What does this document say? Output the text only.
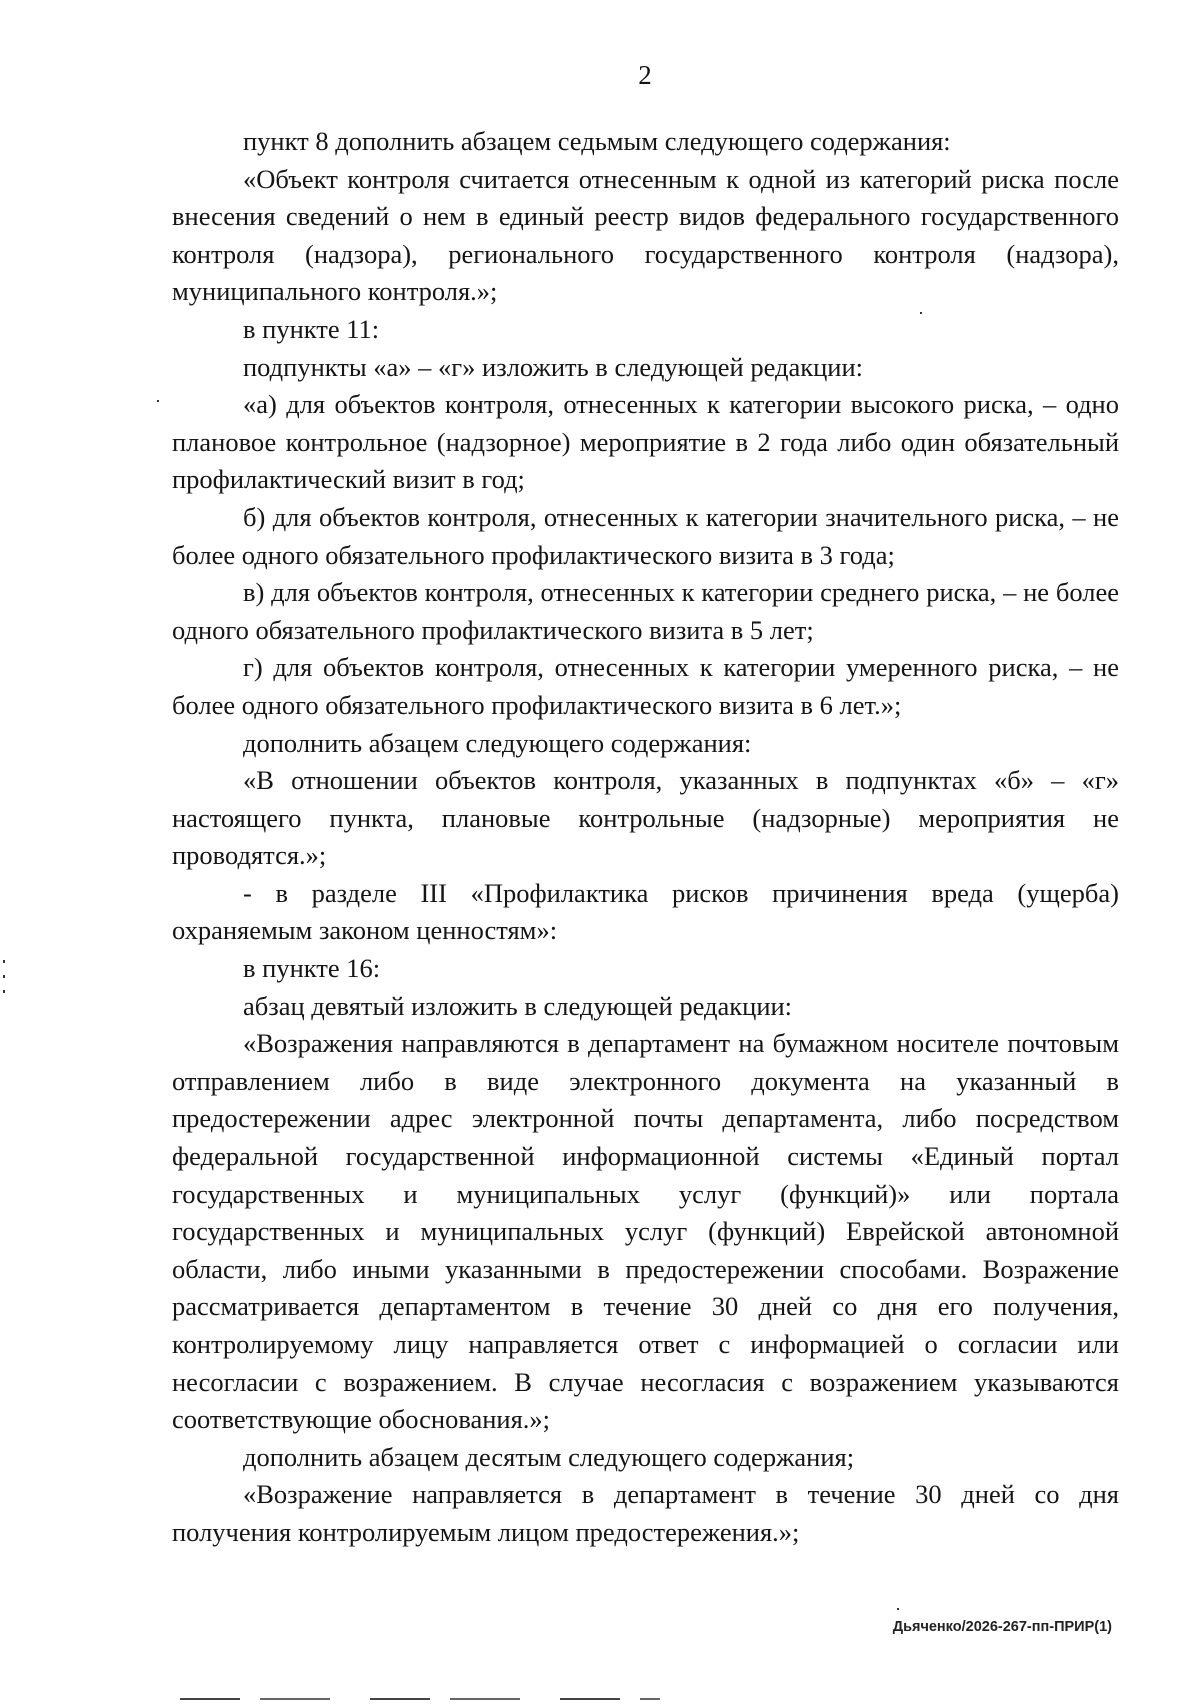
2

пункт 8 дополнить абзацем седьмым следующего содержания:

«Объект контроля считается отнесенным к одной из категорий риска после внесения сведений о нем в единый реестр видов федерального государственного контроля (надзора), регионального государственного контроля (надзора), муниципального контроля.»;

в пункте 11:

подпункты «а» – «г» изложить в следующей редакции:

«а) для объектов контроля, отнесенных к категории высокого риска, – одно плановое контрольное (надзорное) мероприятие в 2 года либо один обязательный профилактический визит в год;

б) для объектов контроля, отнесенных к категории значительного риска, – не более одного обязательного профилактического визита в 3 года;

в) для объектов контроля, отнесенных к категории среднего риска, – не более одного обязательного профилактического визита в 5 лет;

г) для объектов контроля, отнесенных к категории умеренного риска, – не более одного обязательного профилактического визита в 6 лет.»;

дополнить абзацем следующего содержания:

«В отношении объектов контроля, указанных в подпунктах «б» – «г» настоящего пункта, плановые контрольные (надзорные) мероприятия не проводятся.»;

- в разделе III «Профилактика рисков причинения вреда (ущерба) охраняемым законом ценностям»:

в пункте 16:

абзац девятый изложить в следующей редакции:

«Возражения направляются в департамент на бумажном носителе почтовым отправлением либо в виде электронного документа на указанный в предостережении адрес электронной почты департамента, либо посредством федеральной государственной информационной системы «Единый портал государственных и муниципальных услуг (функций)» или портала государственных и муниципальных услуг (функций) Еврейской автономной области, либо иными указанными в предостережении способами. Возражение рассматривается департаментом в течение 30 дней со дня его получения, контролируемому лицу направляется ответ с информацией о согласии или несогласии с возражением. В случае несогласия с возражением указываются соответствующие обоснования.»;

дополнить абзацем десятым следующего содержания;

«Возражение направляется в департамент в течение 30 дней со дня получения контролируемым лицом предостережения.»;

Дьяченко/2026-267-пп-ПРИР(1)
